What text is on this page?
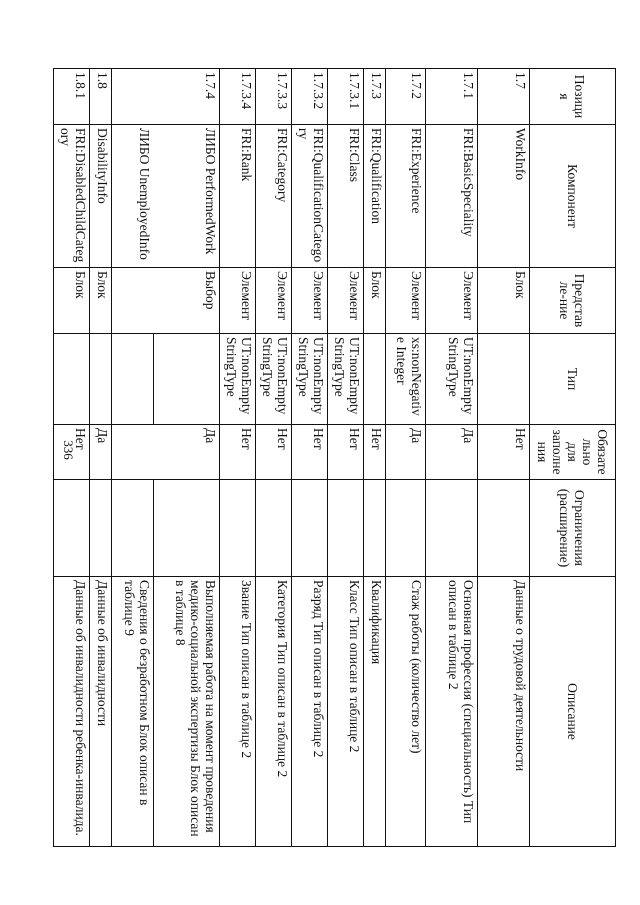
336
Позиция	Компонент	Представле-ние	Тип	Обязательно для заполнения	Ограничения (расширение)	Описание
1.7	WorkInfo	Блок		Нет		Данные о трудовой деятельности
1.7.1	FRI:BasicSpeciality	Элемент	UT:nonEmpty StringType	Да		Основная профессия (специальность) Тип описан в таблице 2
1.7.2	FRI:Experience	Элемент	xs:nonNegative Integer	Да		Стаж работы (количество лет)
1.7.3	FRI:Qualification	Блок		Нет		Квалификация
1.7.3.1	FRI:Class	Элемент	UT:nonEmpty StringType	Нет		Класс Тип описан в таблице 2
1.7.3.2	FRI:QualificationCategory	Элемент	UT:nonEmpty StringType	Нет		Разряд Тип описан в таблице 2
1.7.3.3	FRI:Category	Элемент	UT:nonEmpty StringType	Нет		Категория Тип описан в таблице 2
1.7.3.4	FRI:Rank	Элемент	UT:nonEmpty StringType	Нет		Звание Тип описан в таблице 2
1.7.4	ЛИБО PerformedWork	Выбор		Да		Выполняемая работа на момент проведения медико-социальной экспертизы Блок описан в таблице 8
	ЛИБО UnemployedInfo					Сведения о безработном Блок описан в таблице 9
1.8	DisabilityInfo	Блок		Да		Данные об инвалидности
1.8.1	FRI:DisabledChildCategory	Блок		Нет		Данные об инвалидности ребенка-инвалида.
